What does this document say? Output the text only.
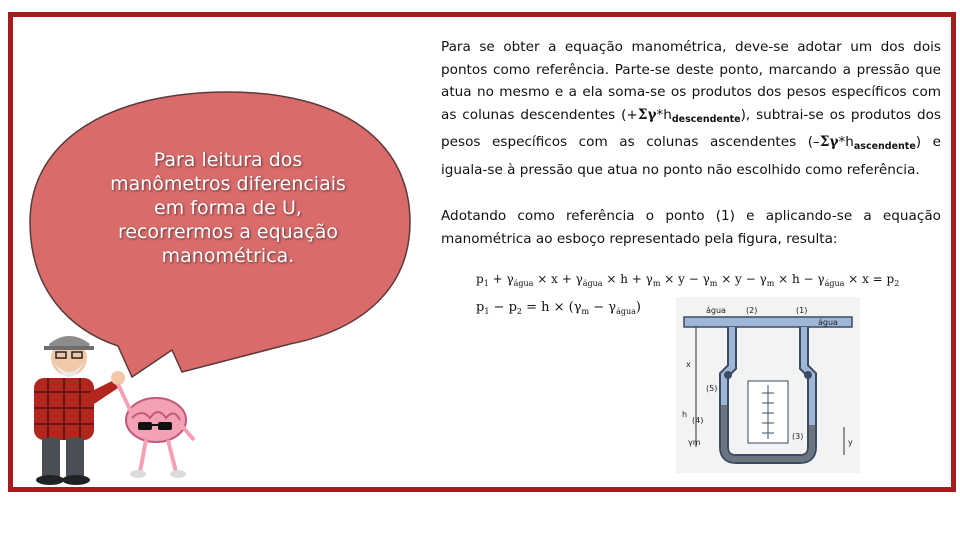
Para leitura dos
manômetros diferenciais
em forma de U,
recorrermos a equação
manométrica.
Para se obter a equação manométrica, deve-se adotar um dos dois pontos como referência. Parte-se deste ponto, marcando a pressão que atua no mesmo e a ela soma-se os produtos dos pesos específicos com as colunas descendentes $(+\Sigma\gamma*h_{descendente})$, subtrai-se os produtos dos pesos específicos com as colunas ascendentes $(-\Sigma\gamma*h_{ascendente})$ e iguala-se à pressão que atua no ponto não escolhido como referência.
Adotando como referência o ponto (1) e aplicando-se a equação manométrica ao esboço representado pela figura, resulta:
$p_1 + \gamma_{água} \times x + \gamma_{água} \times h + \gamma_m \times y - \gamma_m \times y - \gamma_m \times h - \gamma_{água} \times x = p_2$
$p_1 - p_2 = h \times (\gamma_m - \gamma_{água})$	água
água
(2)	(1)
(5)
(4)
(3)
x
h
y
γm
